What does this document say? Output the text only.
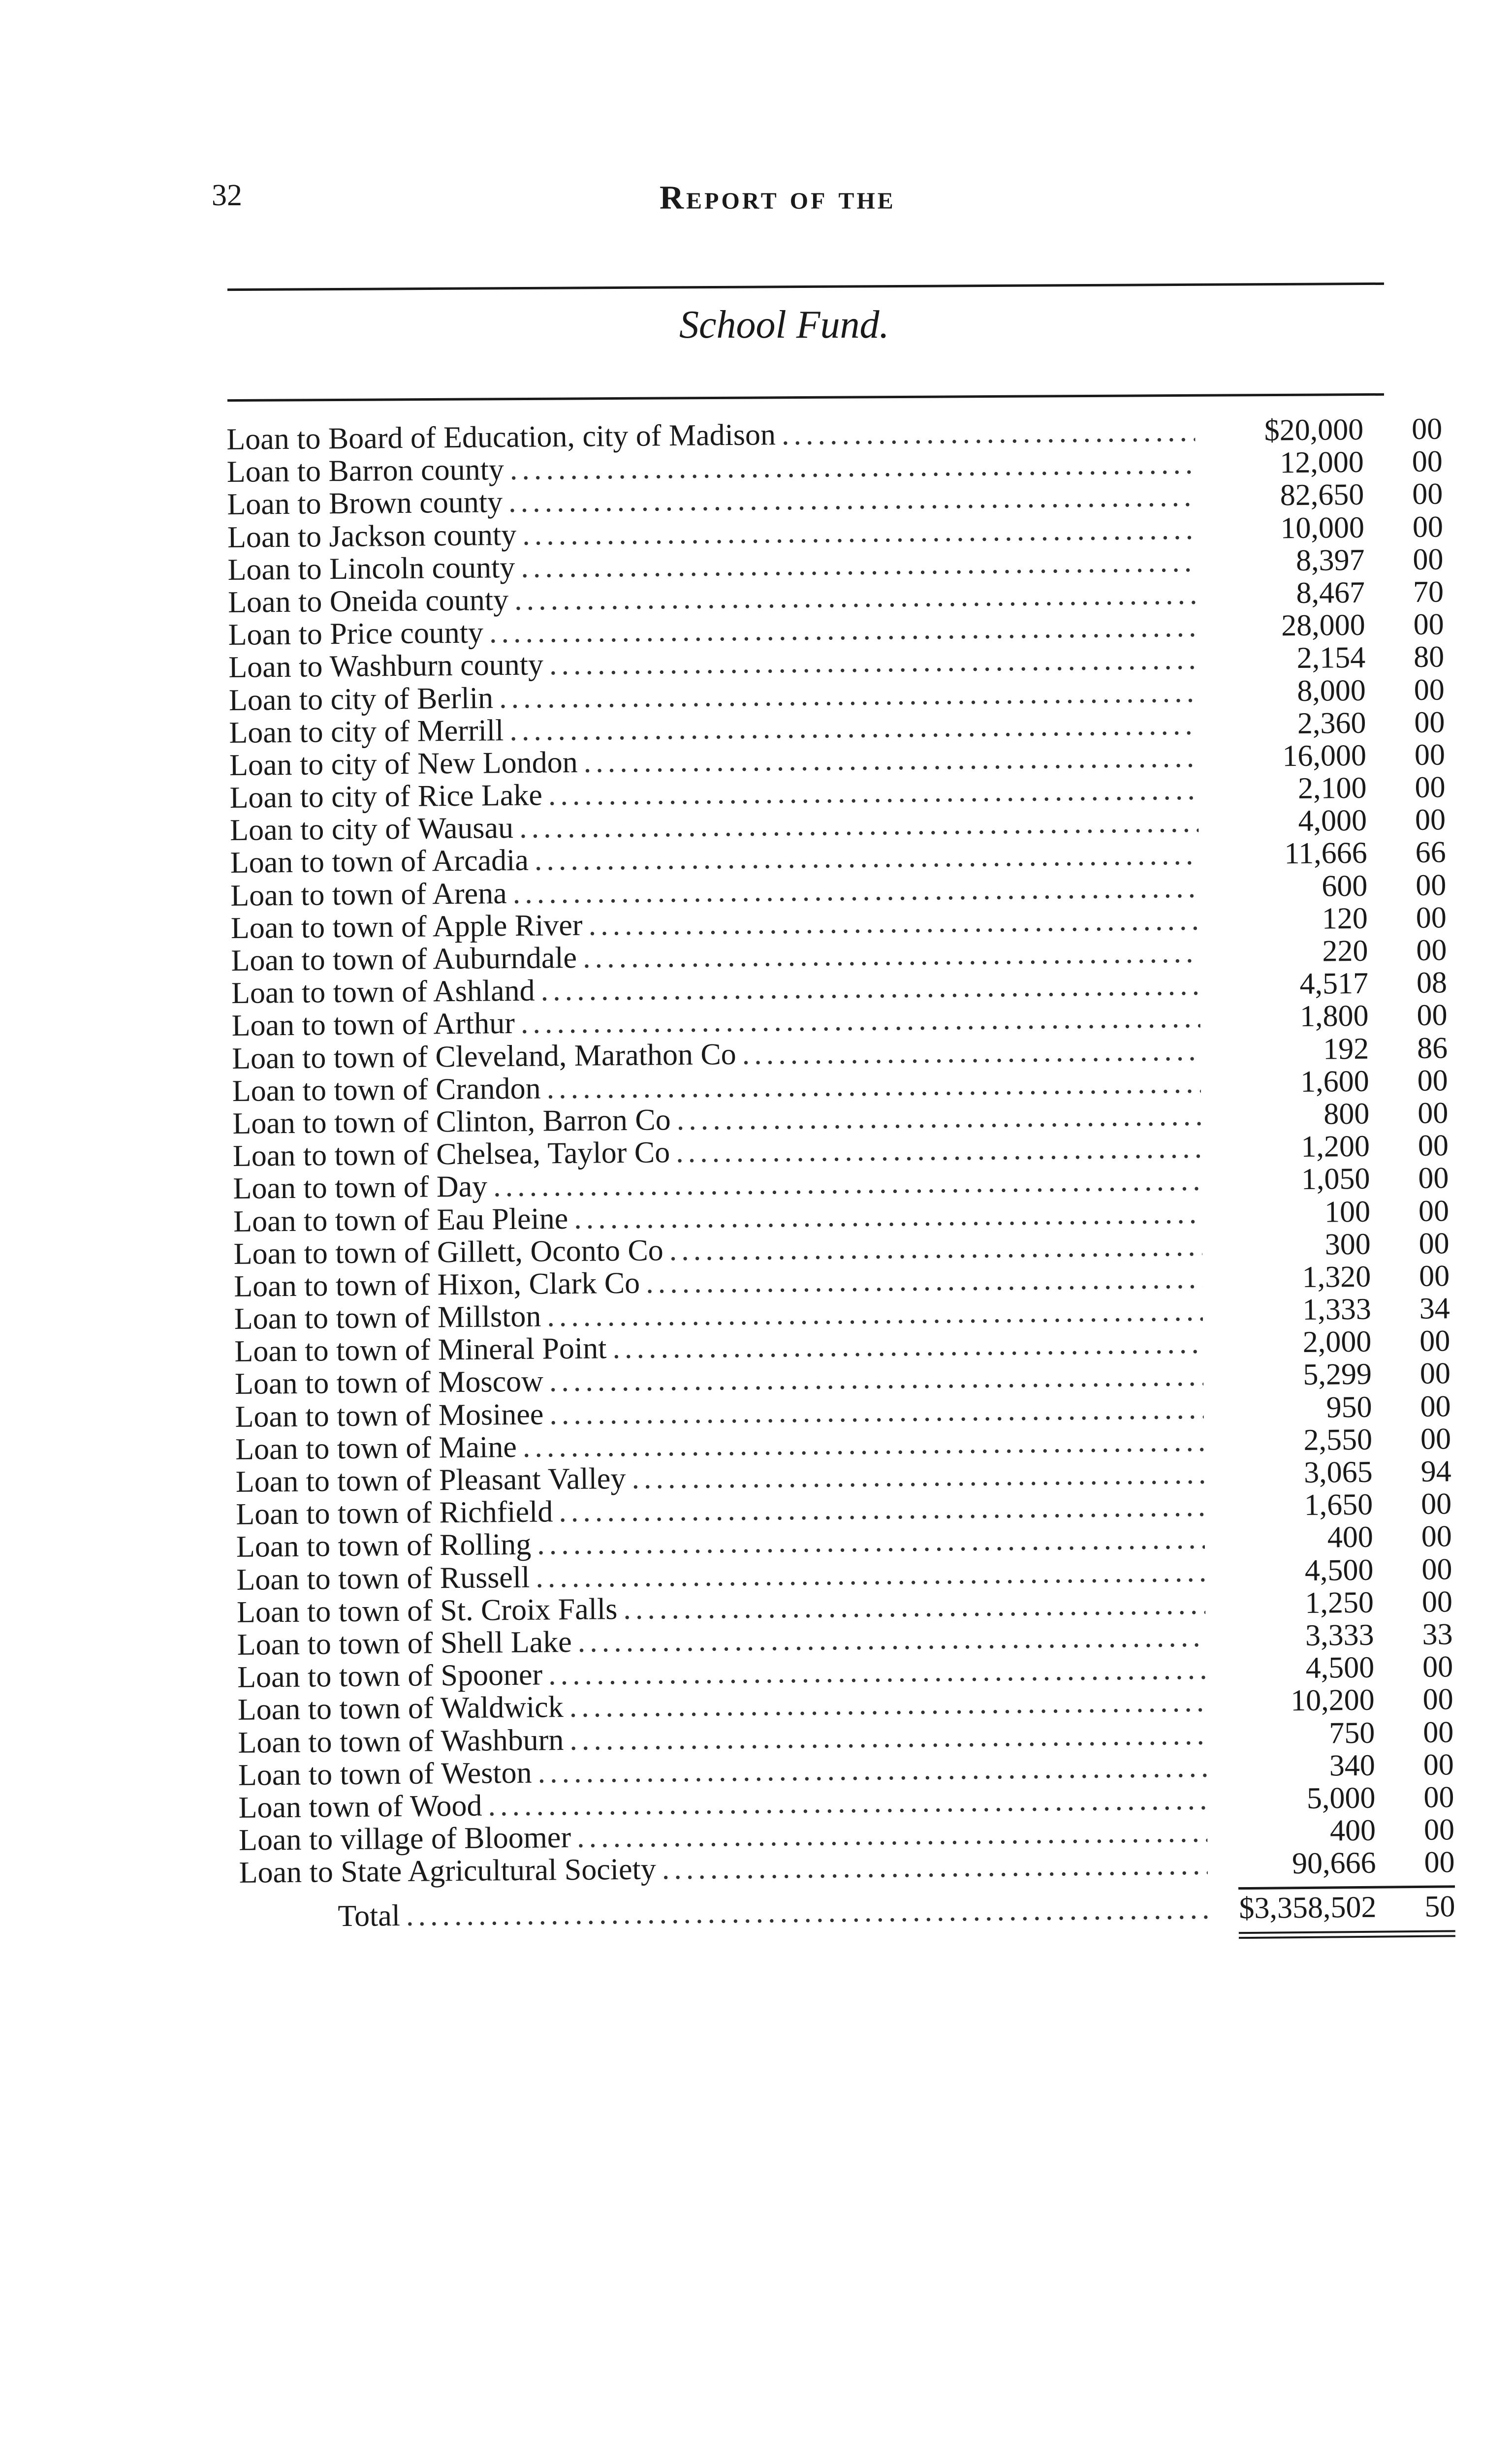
32	Report of the
School Fund.
Loan to Board of Education, city of Madison .....	$20,000	00
Loan to Barron county .....	12,000	00
Loan to Brown county .....	82,650	00
Loan to Jackson county .....	10,000	00
Loan to Lincoln county .....	8,397	00
Loan to Oneida county .....	8,467	70
Loan to Price county .....	28,000	00
Loan to Washburn county .....	2,154	80
Loan to city of Berlin .....	8,000	00
Loan to city of Merrill .....	2,360	00
Loan to city of New London .....	16,000	00
Loan to city of Rice Lake .....	2,100	00
Loan to city of Wausau .....	4,000	00
Loan to town of Arcadia .....	11,666	66
Loan to town of Arena .....	600	00
Loan to town of Apple River .....	120	00
Loan to town of Auburndale .....	220	00
Loan to town of Ashland .....	4,517	08
Loan to town of Arthur .....	1,800	00
Loan to town of Cleveland, Marathon Co .....	192	86
Loan to town of Crandon .....	1,600	00
Loan to town of Clinton, Barron Co .....	800	00
Loan to town of Chelsea, Taylor Co .....	1,200	00
Loan to town of Day .....	1,050	00
Loan to town of Eau Pleine .....	100	00
Loan to town of Gillett, Oconto Co .....	300	00
Loan to town of Hixon, Clark Co .....	1,320	00
Loan to town of Millston .....	1,333	34
Loan to town of Mineral Point .....	2,000	00
Loan to town of Moscow .....	5,299	00
Loan to town of Mosinee .....	950	00
Loan to town of Maine .....	2,550	00
Loan to town of Pleasant Valley .....	3,065	94
Loan to town of Richfield .....	1,650	00
Loan to town of Rolling .....	400	00
Loan to town of Russell .....	4,500	00
Loan to town of St. Croix Falls .....	1,250	00
Loan to town of Shell Lake .....	3,333	33
Loan to town of Spooner .....	4,500	00
Loan to town of Waldwick .....	10,200	00
Loan to town of Washburn .....	750	00
Loan to town of Weston .....	340	00
Loan town of Wood .....	5,000	00
Loan to village of Bloomer .....	400	00
Loan to State Agricultural Society .....	90,666	00
Total .....	$3,358,502	50
